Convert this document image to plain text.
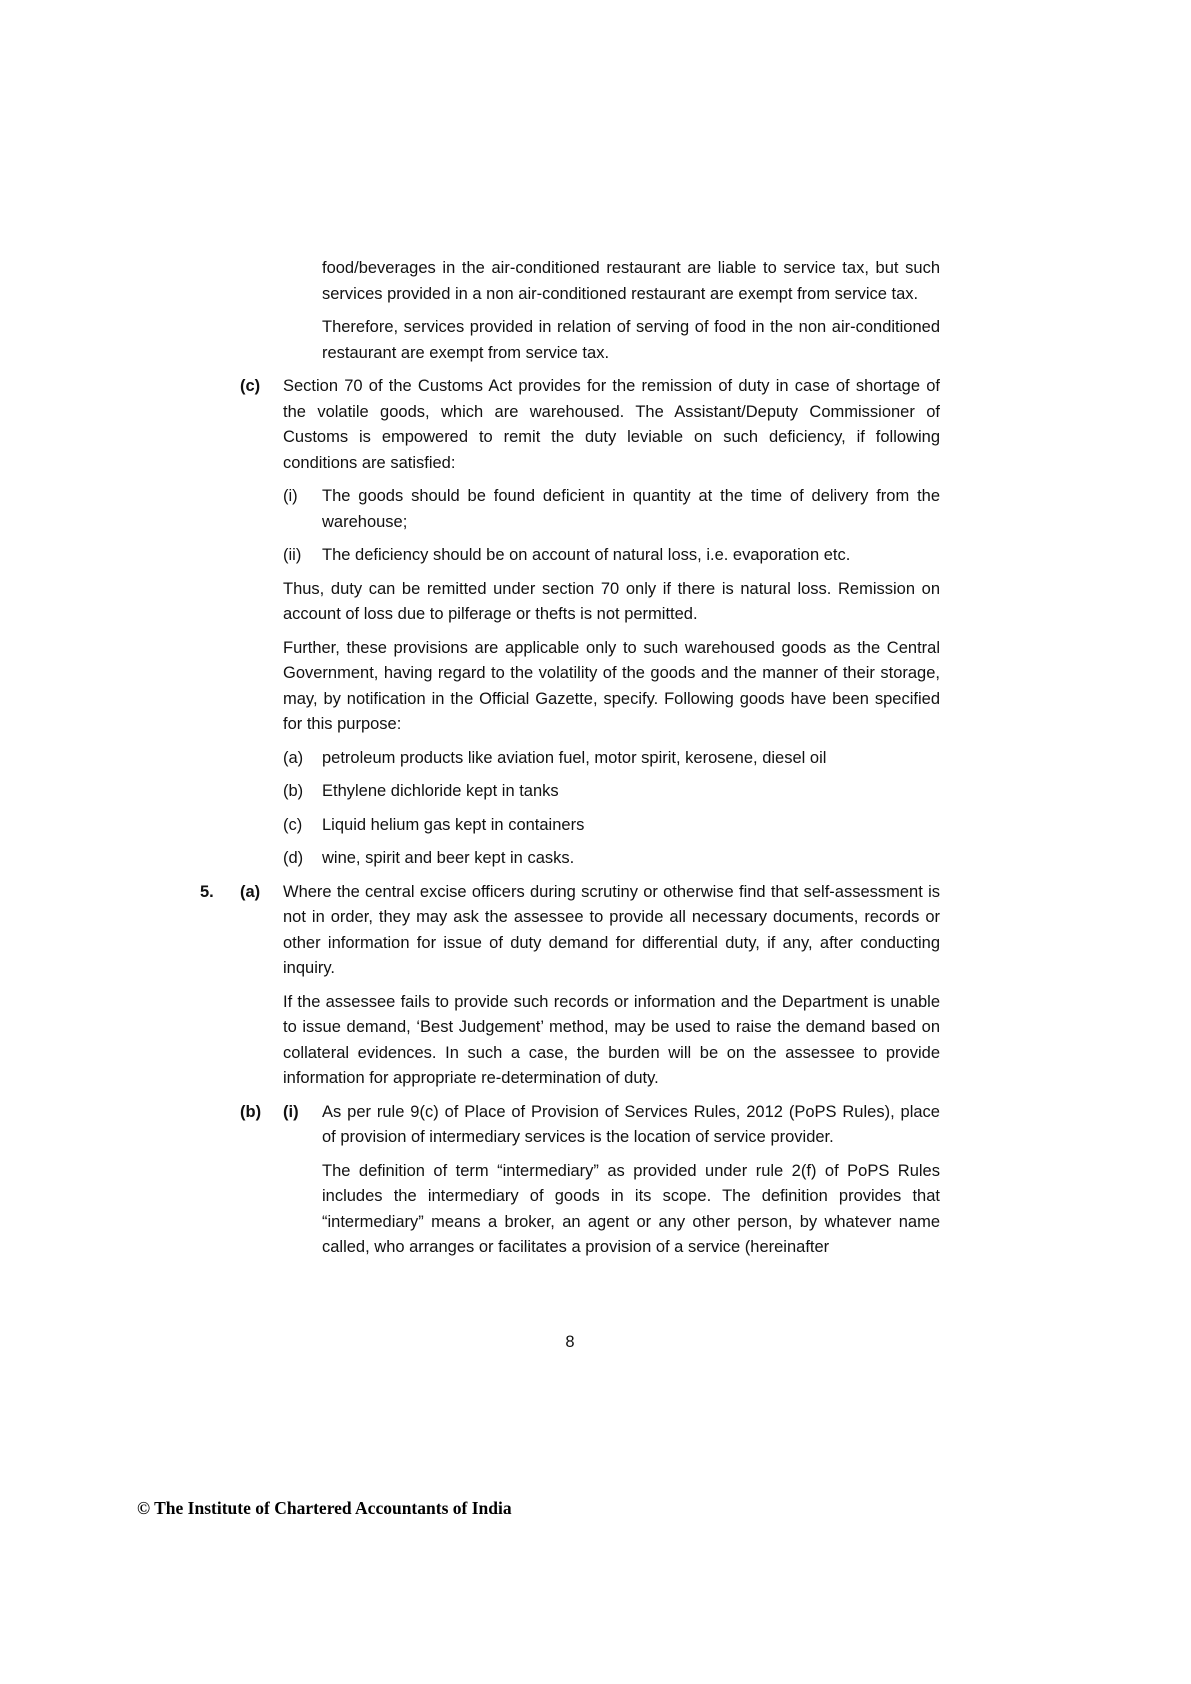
food/beverages in the air-conditioned restaurant are liable to service tax, but such services provided in a non air-conditioned restaurant are exempt from service tax.

Therefore, services provided in relation of serving of food in the non air-conditioned restaurant are exempt from service tax.

(c)	Section 70 of the Customs Act provides for the remission of duty in case of shortage of the volatile goods, which are warehoused. The Assistant/Deputy Commissioner of Customs is empowered to remit the duty leviable on such deficiency, if following conditions are satisfied:

(i)	The goods should be found deficient in quantity at the time of delivery from the warehouse;

(ii)	The deficiency should be on account of natural loss, i.e. evaporation etc.

Thus, duty can be remitted under section 70 only if there is natural loss. Remission on account of loss due to pilferage or thefts is not permitted.

Further, these provisions are applicable only to such warehoused goods as the Central Government, having regard to the volatility of the goods and the manner of their storage, may, by notification in the Official Gazette, specify. Following goods have been specified for this purpose:

(a)	petroleum products like aviation fuel, motor spirit, kerosene, diesel oil

(b)	Ethylene dichloride kept in tanks

(c)	Liquid helium gas kept in containers

(d)	wine, spirit and beer kept in casks.

5.	(a)	Where the central excise officers during scrutiny or otherwise find that self-assessment is not in order, they may ask the assessee to provide all necessary documents, records or other information for issue of duty demand for differential duty, if any, after conducting inquiry.

If the assessee fails to provide such records or information and the Department is unable to issue demand, ‘Best Judgement’ method, may be used to raise the demand based on collateral evidences. In such a case, the burden will be on the assessee to provide information for appropriate re-determination of duty.

(b)	(i)	As per rule 9(c) of Place of Provision of Services Rules, 2012 (PoPS Rules), place of provision of intermediary services is the location of service provider.

The definition of term “intermediary” as provided under rule 2(f) of PoPS Rules includes the intermediary of goods in its scope. The definition provides that “intermediary” means a broker, an agent or any other person, by whatever name called, who arranges or facilitates a provision of a service (hereinafter

8
© The Institute of Chartered Accountants of India
